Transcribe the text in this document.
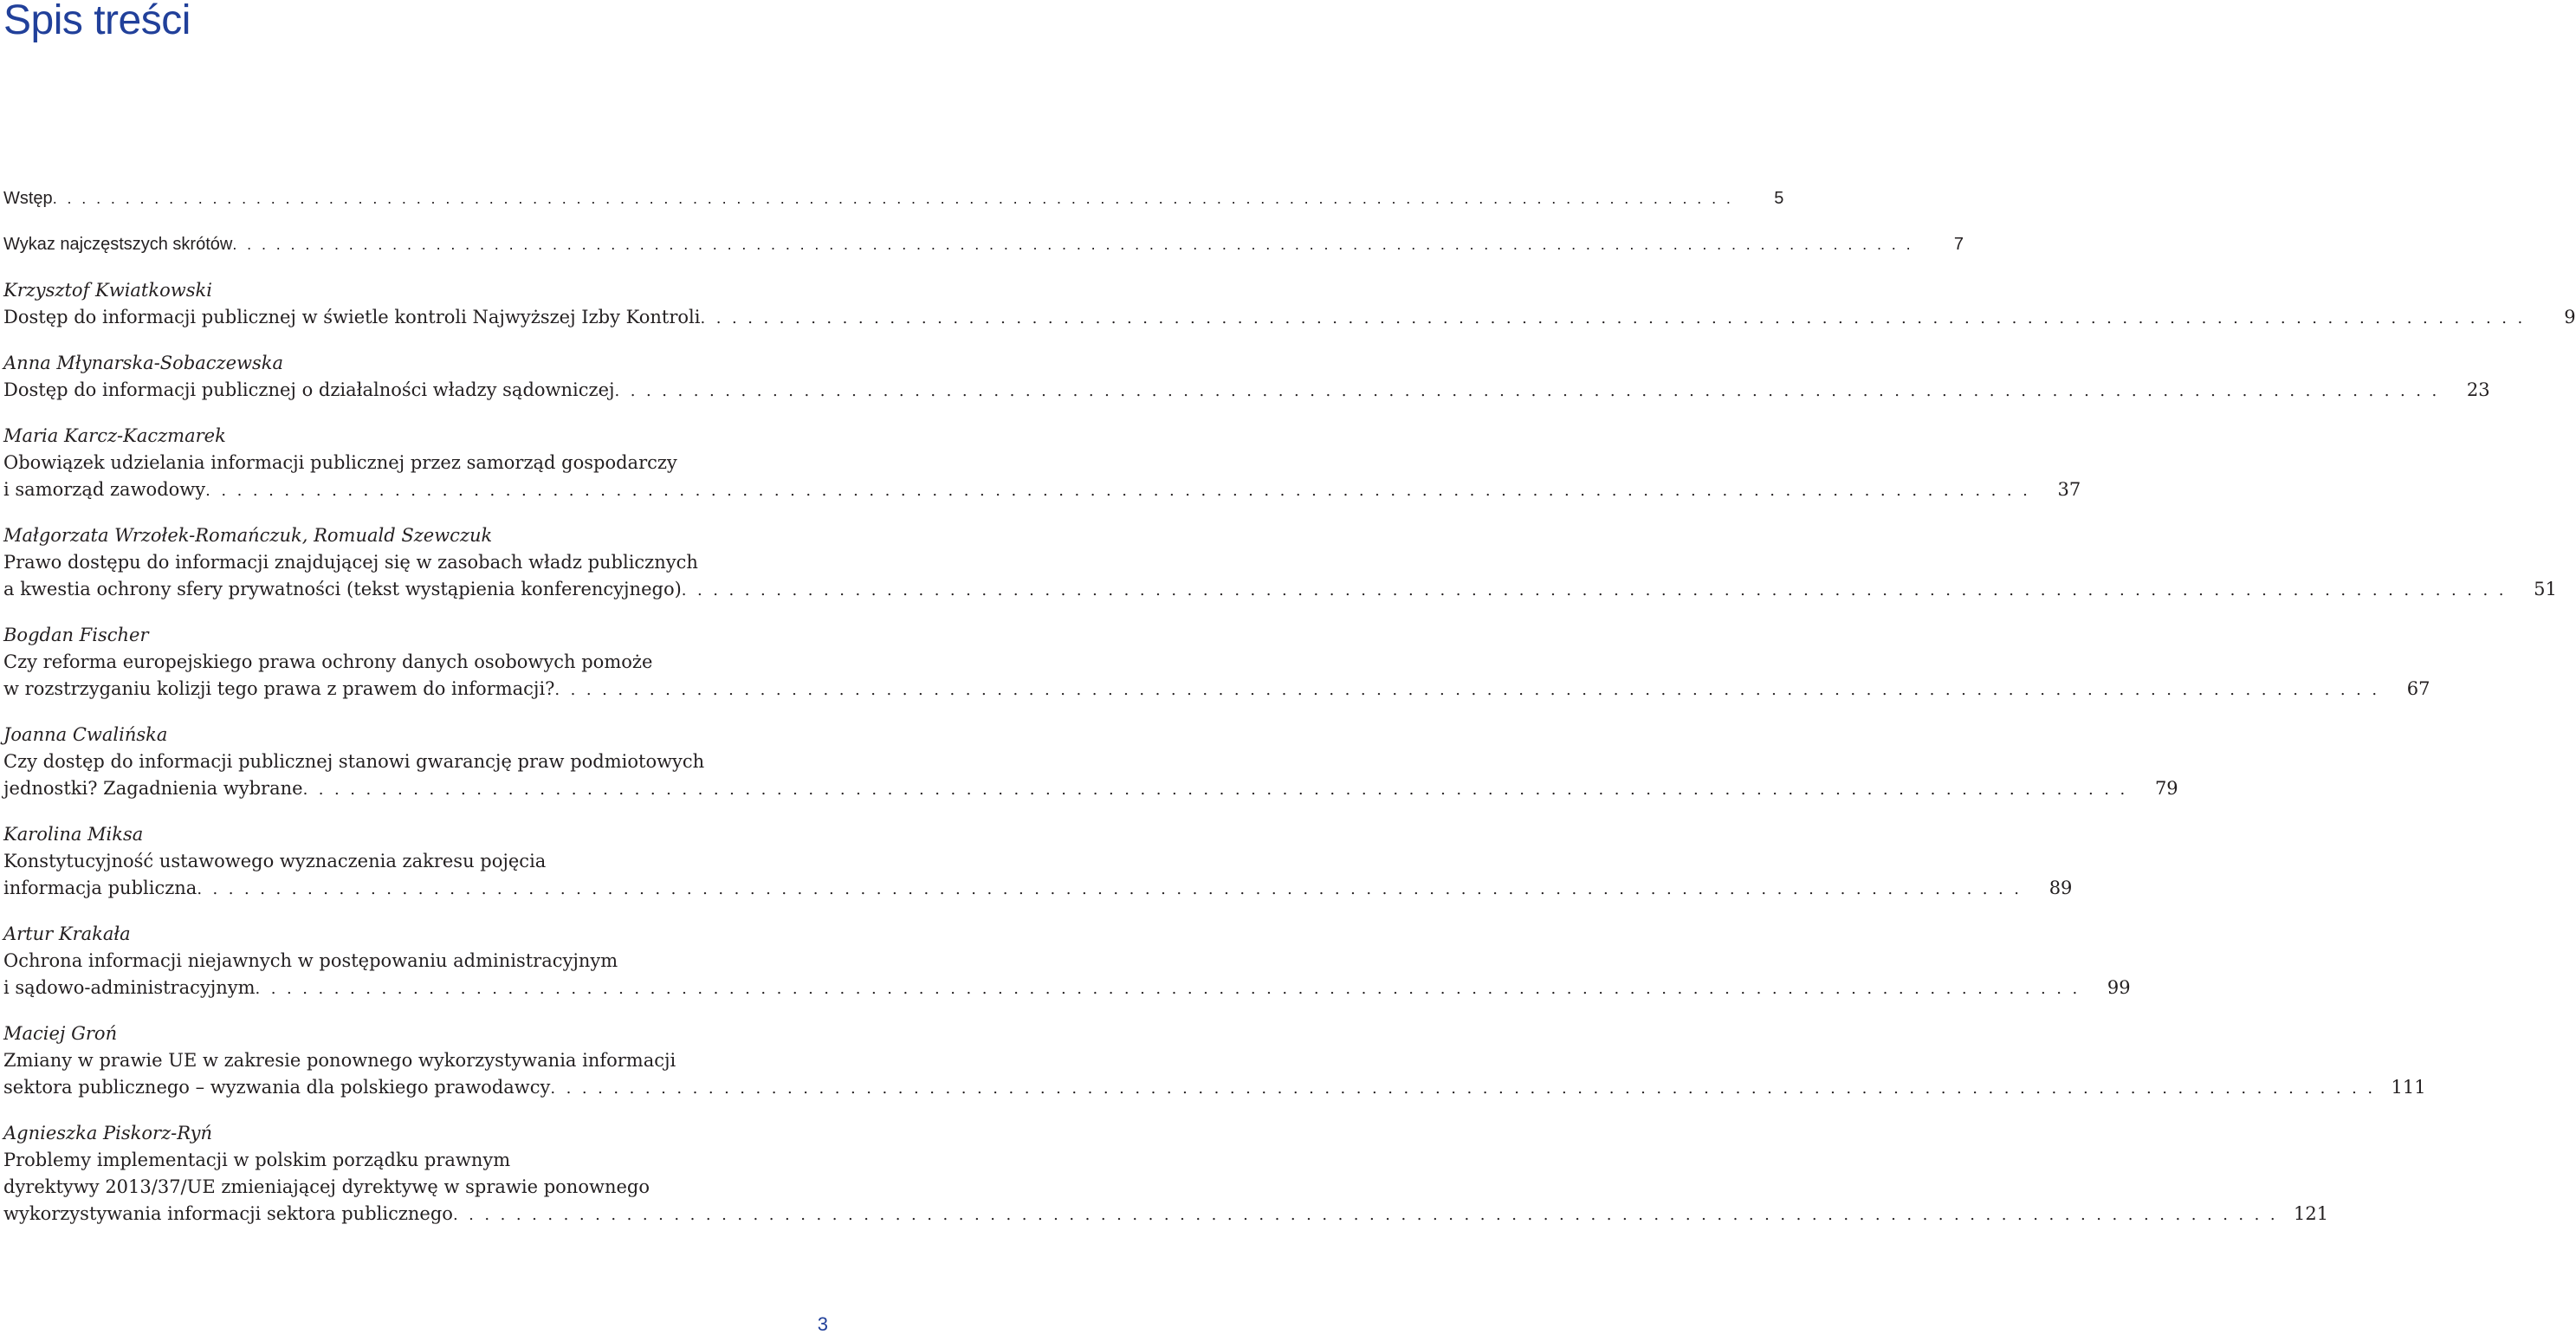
Spis treści
Wstęp . . . . . . . . . . . . . . . . . . . . . . . . . . . . . . . . . . . . . . . . . . . . . . . . . . . . . . . . . . . . . . . . . . . . . . . . . . . . . . . . . . . . . . . . . . . . . . . . . . . . . . . . . . . . . . . . . . . .	5
Wykaz najczęstszych skrótów . . . . . . . . . . . . . . . . . . . . . . . . . . . . . . . . . . . . . . . . . . . . . . . . . . . . . . . . . . . . . . . . . . . . . . . . . . . . . . . . . . . . . . . . . . . . . . . . . . . . . . . . . . . . . . . . . . . .	7
Krzysztof Kwiatkowski
Dostęp do informacji publicznej w świetle kontroli Najwyższej Izby Kontroli . . . . . . . . . . . . . . . . . . . . . . . . . . . . . . . . . . . . . . . . . . . . . . . . . . . . . . . . . . . . . . . . . . . . . . . . . . . . . . . . . . . . . . . . . . . . . . . . . . . . . . . . . . . . . . . . . . . .	9
Anna Młynarska-Sobaczewska
Dostęp do informacji publicznej o działalności władzy sądowniczej . . . . . . . . . . . . . . . . . . . . . . . . . . . . . . . . . . . . . . . . . . . . . . . . . . . . . . . . . . . . . . . . . . . . . . . . . . . . . . . . . . . . . . . . . . . . . . . . . . . . . . . . . . . . . . . . . . . .	23
Maria Karcz-Kaczmarek
Obowiązek udzielania informacji publicznej przez samorząd gospodarczy
i samorząd zawodowy . . . . . . . . . . . . . . . . . . . . . . . . . . . . . . . . . . . . . . . . . . . . . . . . . . . . . . . . . . . . . . . . . . . . . . . . . . . . . . . . . . . . . . . . . . . . . . . . . . . . . . . . . . . . . . . . . . . .	37
Małgorzata Wrzołek-Romańczuk, Romuald Szewczuk
Prawo dostępu do informacji znajdującej się w zasobach władz publicznych
a kwestia ochrony sfery prywatności (tekst wystąpienia konferencyjnego) . . . . . . . . . . . . . . . . . . . . . . . . . . . . . . . . . . . . . . . . . . . . . . . . . . . . . . . . . . . . . . . . . . . . . . . . . . . . . . . . . . . . . . . . . . . . . . . . . . . . . . . . . . . . . . . . . . . .	51
Bogdan Fischer
Czy reforma europejskiego prawa ochrony danych osobowych pomoże
w rozstrzyganiu kolizji tego prawa z prawem do informacji? . . . . . . . . . . . . . . . . . . . . . . . . . . . . . . . . . . . . . . . . . . . . . . . . . . . . . . . . . . . . . . . . . . . . . . . . . . . . . . . . . . . . . . . . . . . . . . . . . . . . . . . . . . . . . . . . . . . .	67
Joanna Cwalińska
Czy dostęp do informacji publicznej stanowi gwarancję praw podmiotowych
jednostki? Zagadnienia wybrane . . . . . . . . . . . . . . . . . . . . . . . . . . . . . . . . . . . . . . . . . . . . . . . . . . . . . . . . . . . . . . . . . . . . . . . . . . . . . . . . . . . . . . . . . . . . . . . . . . . . . . . . . . . . . . . . . . . .	79
Karolina Miksa
Konstytucyjność ustawowego wyznaczenia zakresu pojęcia
informacja publiczna . . . . . . . . . . . . . . . . . . . . . . . . . . . . . . . . . . . . . . . . . . . . . . . . . . . . . . . . . . . . . . . . . . . . . . . . . . . . . . . . . . . . . . . . . . . . . . . . . . . . . . . . . . . . . . . . . . . .	89
Artur Krakała
Ochrona informacji niejawnych w postępowaniu administracyjnym
i sądowo-administracyjnym . . . . . . . . . . . . . . . . . . . . . . . . . . . . . . . . . . . . . . . . . . . . . . . . . . . . . . . . . . . . . . . . . . . . . . . . . . . . . . . . . . . . . . . . . . . . . . . . . . . . . . . . . . . . . . . . . . . .	99
Maciej Groń
Zmiany w prawie UE w zakresie ponownego wykorzystywania informacji
sektora publicznego – wyzwania dla polskiego prawodawcy . . . . . . . . . . . . . . . . . . . . . . . . . . . . . . . . . . . . . . . . . . . . . . . . . . . . . . . . . . . . . . . . . . . . . . . . . . . . . . . . . . . . . . . . . . . . . . . . . . . . . . . . . . . . . . . . . . . . 111
Agnieszka Piskorz-Ryń
Problemy implementacji w polskim porządku prawnym
dyrektywy 2013/37/UE zmieniającej dyrektywę w sprawie ponownego
wykorzystywania informacji sektora publicznego . . . . . . . . . . . . . . . . . . . . . . . . . . . . . . . . . . . . . . . . . . . . . . . . . . . . . . . . . . . . . . . . . . . . . . . . . . . . . . . . . . . . . . . . . . . . . . . . . . . . . . . . . . . . . . . . . . . . 121
3
